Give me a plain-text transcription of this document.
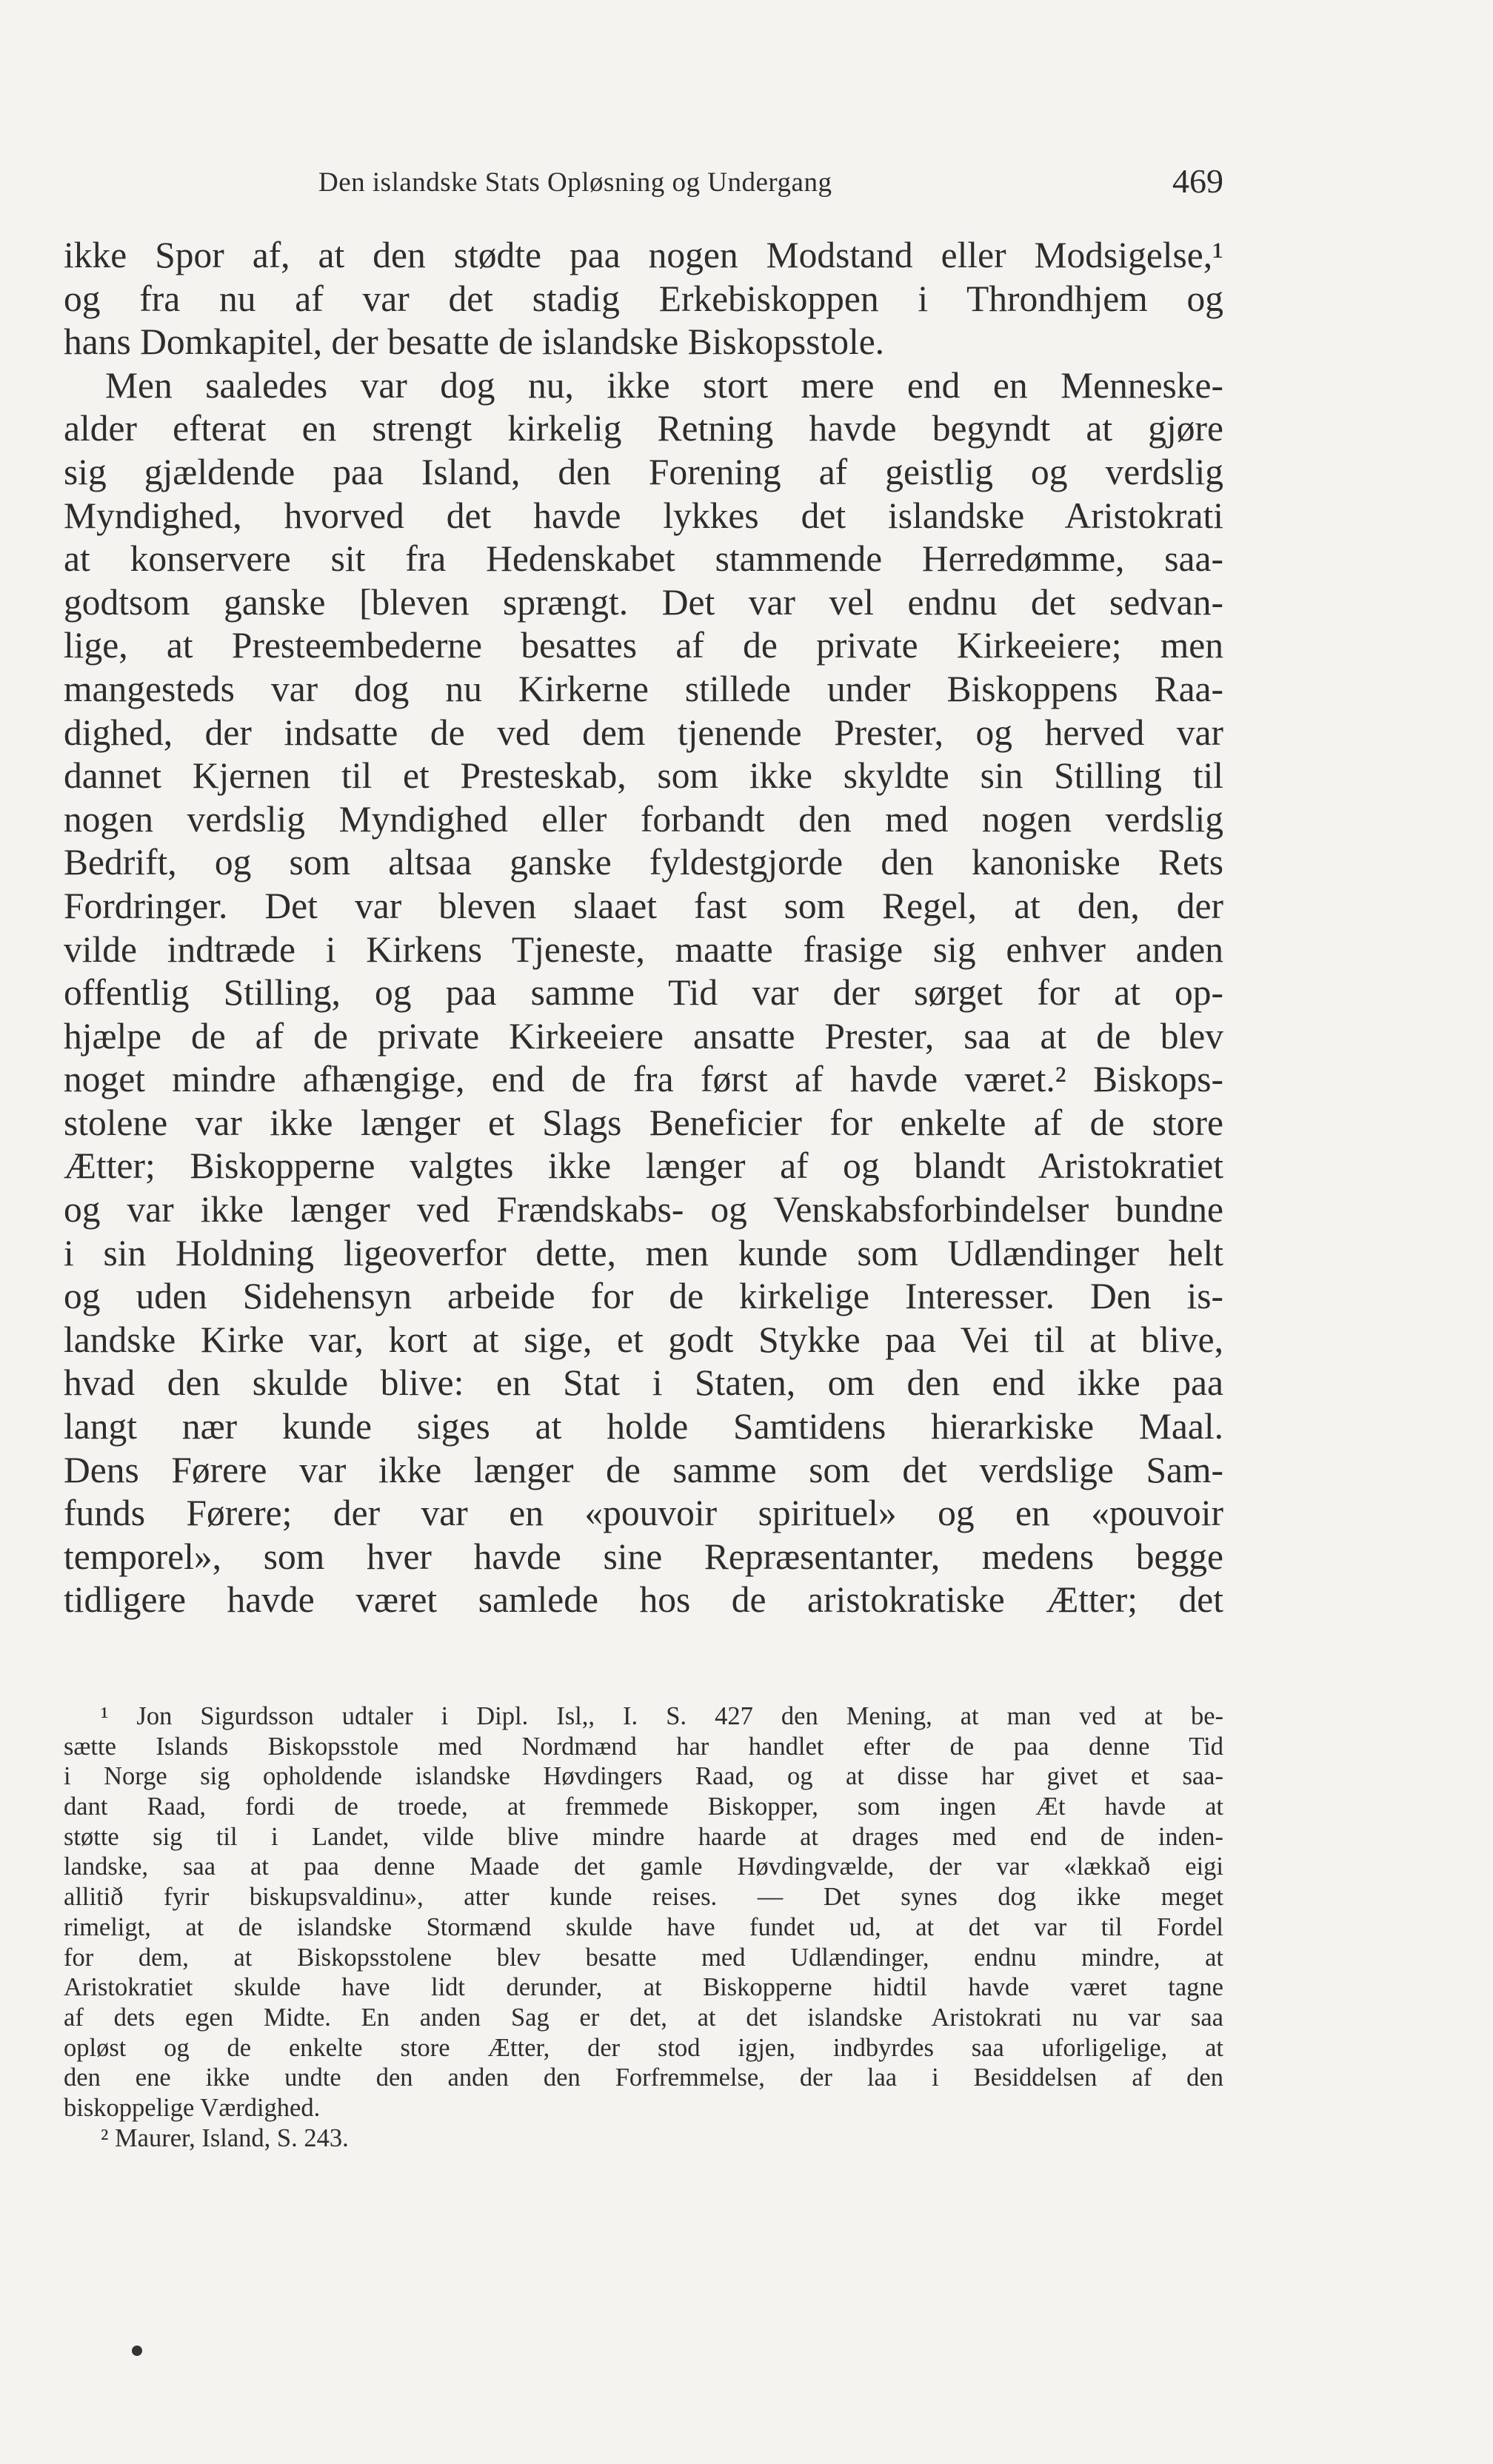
Den islandske Stats Opløsning og Undergang	469
ikke Spor af, at den stødte paa nogen Modstand eller Modsigelse,¹
og fra nu af var det stadig Erkebiskoppen i Throndhjem og
hans Domkapitel, der besatte de islandske Biskopsstole.
Men saaledes var dog nu, ikke stort mere end en Menneske-
alder efterat en strengt kirkelig Retning havde begyndt at gjøre
sig gjældende paa Island, den Forening af geistlig og verdslig
Myndighed, hvorved det havde lykkes det islandske Aristokrati
at konservere sit fra Hedenskabet stammende Herredømme, saa-
godtsom ganske [bleven sprængt. Det var vel endnu det sedvan-
lige, at Presteembederne besattes af de private Kirkeeiere; men
mangesteds var dog nu Kirkerne stillede under Biskoppens Raa-
dighed, der indsatte de ved dem tjenende Prester, og herved var
dannet Kjernen til et Presteskab, som ikke skyldte sin Stilling til
nogen verdslig Myndighed eller forbandt den med nogen verdslig
Bedrift, og som altsaa ganske fyldestgjorde den kanoniske Rets
Fordringer. Det var bleven slaaet fast som Regel, at den, der
vilde indtræde i Kirkens Tjeneste, maatte frasige sig enhver anden
offentlig Stilling, og paa samme Tid var der sørget for at op-
hjælpe de af de private Kirkeeiere ansatte Prester, saa at de blev
noget mindre afhængige, end de fra først af havde været.² Biskops-
stolene var ikke længer et Slags Beneficier for enkelte af de store
Ætter; Biskopperne valgtes ikke længer af og blandt Aristokratiet
og var ikke længer ved Frændskabs- og Venskabsforbindelser bundne
i sin Holdning ligeoverfor dette, men kunde som Udlændinger helt
og uden Sidehensyn arbeide for de kirkelige Interesser. Den is-
landske Kirke var, kort at sige, et godt Stykke paa Vei til at blive,
hvad den skulde blive: en Stat i Staten, om den end ikke paa
langt nær kunde siges at holde Samtidens hierarkiske Maal.
Dens Førere var ikke længer de samme som det verdslige Sam-
funds Førere; der var en «pouvoir spirituel» og en «pouvoir
temporel», som hver havde sine Repræsentanter, medens begge
tidligere havde været samlede hos de aristokratiske Ætter; det
¹ Jon Sigurdsson udtaler i Dipl. Isl,, I. S. 427 den Mening, at man ved at be-
sætte Islands Biskopsstole med Nordmænd har handlet efter de paa denne Tid
i Norge sig opholdende islandske Høvdingers Raad, og at disse har givet et saa-
dant Raad, fordi de troede, at fremmede Biskopper, som ingen Æt havde at
støtte sig til i Landet, vilde blive mindre haarde at drages med end de inden-
landske, saa at paa denne Maade det gamle Høvdingvælde, der var «lækkað eigi
allitið fyrir biskupsvaldinu», atter kunde reises. — Det synes dog ikke meget
rimeligt, at de islandske Stormænd skulde have fundet ud, at det var til Fordel
for dem, at Biskopsstolene blev besatte med Udlændinger, endnu mindre, at
Aristokratiet skulde have lidt derunder, at Biskopperne hidtil havde været tagne
af dets egen Midte. En anden Sag er det, at det islandske Aristokrati nu var saa
opløst og de enkelte store Ætter, der stod igjen, indbyrdes saa uforligelige, at
den ene ikke undte den anden den Forfremmelse, der laa i Besiddelsen af den
biskoppelige Værdighed.
² Maurer, Island, S. 243.
